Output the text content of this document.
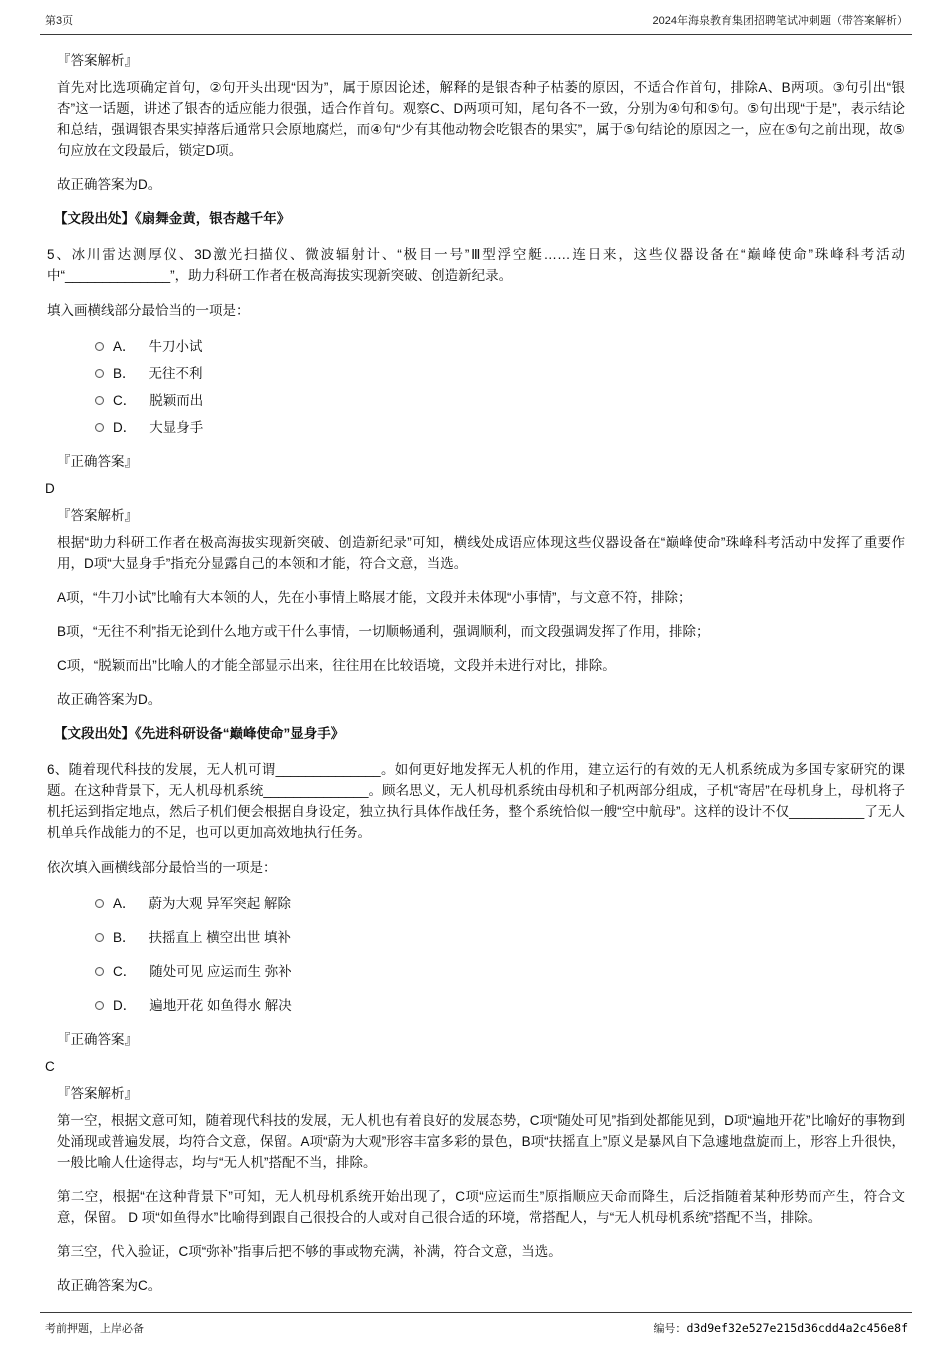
第3页	2024年海泉教育集团招聘笔试冲刺题（带答案解析）
『答案解析』
首先对比选项确定首句，②句开头出现“因为”，属于原因论述，解释的是银杏种子枯萎的原因，不适合作首句，排除A、B两项。③句引出“银杏”这一话题，讲述了银杏的适应能力很强，适合作首句。观察C、D两项可知，尾句各不一致，分别为④句和⑤句。⑤句出现“于是”，表示结论和总结，强调银杏果实掉落后通常只会原地腐烂，而④句“少有其他动物会吃银杏的果实”，属于⑤句结论的原因之一，应在⑤句之前出现，故⑤句应放在文段最后，锁定D项。
故正确答案为D。
【文段出处】《扇舞金黄，银杏越千年》
5、冰川雷达测厚仪、3D激光扫描仪、微波辐射计、“极目一号”Ⅲ型浮空艇……连日来，这些仪器设备在“巅峰使命”珠峰科考活动中“______________”，助力科研工作者在极高海拔实现新突破、创造新纪录。
填入画横线部分最恰当的一项是：
A． 牛刀小试
B． 无往不利
C． 脱颖而出
D． 大显身手
『正确答案』
D
『答案解析』
根据“助力科研工作者在极高海拔实现新突破、创造新纪录”可知，横线处成语应体现这些仪器设备在“巅峰使命”珠峰科考活动中发挥了重要作用，D项“大显身手”指充分显露自己的本领和才能，符合文意，当选。
A项，“牛刀小试”比喻有大本领的人，先在小事情上略展才能，文段并未体现“小事情”，与文意不符，排除；
B项，“无往不利”指无论到什么地方或干什么事情，一切顺畅通利，强调顺利，而文段强调发挥了作用，排除；
C项，“脱颖而出”比喻人的才能全部显示出来，往往用在比较语境，文段并未进行对比，排除。
故正确答案为D。
【文段出处】《先进科研设备“巅峰使命”显身手》
6、随着现代科技的发展，无人机可谓______________。如何更好地发挥无人机的作用，建立运行的有效的无人机系统成为多国专家研究的课题。在这种背景下，无人机母机系统______________。顾名思义，无人机母机系统由母机和子机两部分组成，子机“寄居”在母机身上，母机将子机托运到指定地点，然后子机们便会根据自身设定，独立执行具体作战任务，整个系统恰似一艘“空中航母”。这样的设计不仅__________了无人机单兵作战能力的不足，也可以更加高效地执行任务。
依次填入画横线部分最恰当的一项是：
A． 蔚为大观 异军突起 解除
B． 扶摇直上 横空出世 填补
C． 随处可见 应运而生 弥补
D． 遍地开花 如鱼得水 解决
『正确答案』
C
『答案解析』
第一空，根据文意可知，随着现代科技的发展，无人机也有着良好的发展态势，C项“随处可见”指到处都能见到，D项“遍地开花”比喻好的事物到处涌现或普遍发展，均符合文意，保留。A项“蔚为大观”形容丰富多彩的景色，B项“扶摇直上”原义是暴风自下急遽地盘旋而上，形容上升很快，一般比喻人仕途得志，均与“无人机”搭配不当，排除。
第二空，根据“在这种背景下”可知，无人机母机系统开始出现了，C项“应运而生”原指顺应天命而降生，后泛指随着某种形势而产生，符合文意，保留。 D 项“如鱼得水”比喻得到跟自己很投合的人或对自己很合适的环境，常搭配人，与“无人机母机系统”搭配不当，排除。
第三空，代入验证，C项“弥补”指事后把不够的事或物充满，补满，符合文意，当选。
故正确答案为C。
考前押题，上岸必备	编号： d3d9ef32e527e215d36cdd4a2c456e8f
